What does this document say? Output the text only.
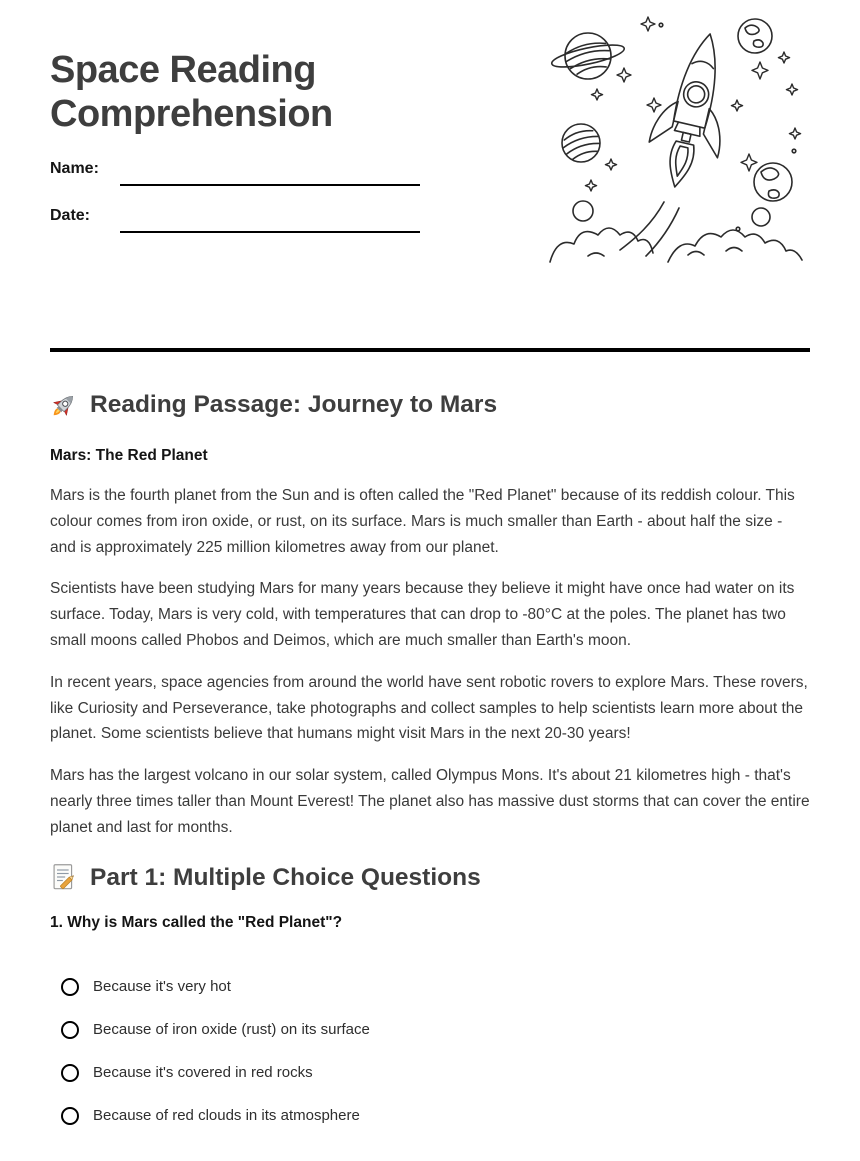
Space Reading Comprehension
Name:
Date:
Reading Passage: Journey to Mars
Mars: The Red Planet

Mars is the fourth planet from the Sun and is often called the "Red Planet" because of its reddish colour. This colour comes from iron oxide, or rust, on its surface. Mars is much smaller than Earth - about half the size - and is approximately 225 million kilometres away from our planet.

Scientists have been studying Mars for many years because they believe it might have once had water on its surface. Today, Mars is very cold, with temperatures that can drop to -80°C at the poles. The planet has two small moons called Phobos and Deimos, which are much smaller than Earth's moon.

In recent years, space agencies from around the world have sent robotic rovers to explore Mars. These rovers, like Curiosity and Perseverance, take photographs and collect samples to help scientists learn more about the planet. Some scientists believe that humans might visit Mars in the next 20-30 years!

Mars has the largest volcano in our solar system, called Olympus Mons. It's about 21 kilometres high - that's nearly three times taller than Mount Everest! The planet also has massive dust storms that can cover the entire planet and last for months.

Part 1: Multiple Choice Questions

1. Why is Mars called the "Red Planet"?

Because it's very hot
Because of iron oxide (rust) on its surface
Because it's covered in red rocks
Because of red clouds in its atmosphere
